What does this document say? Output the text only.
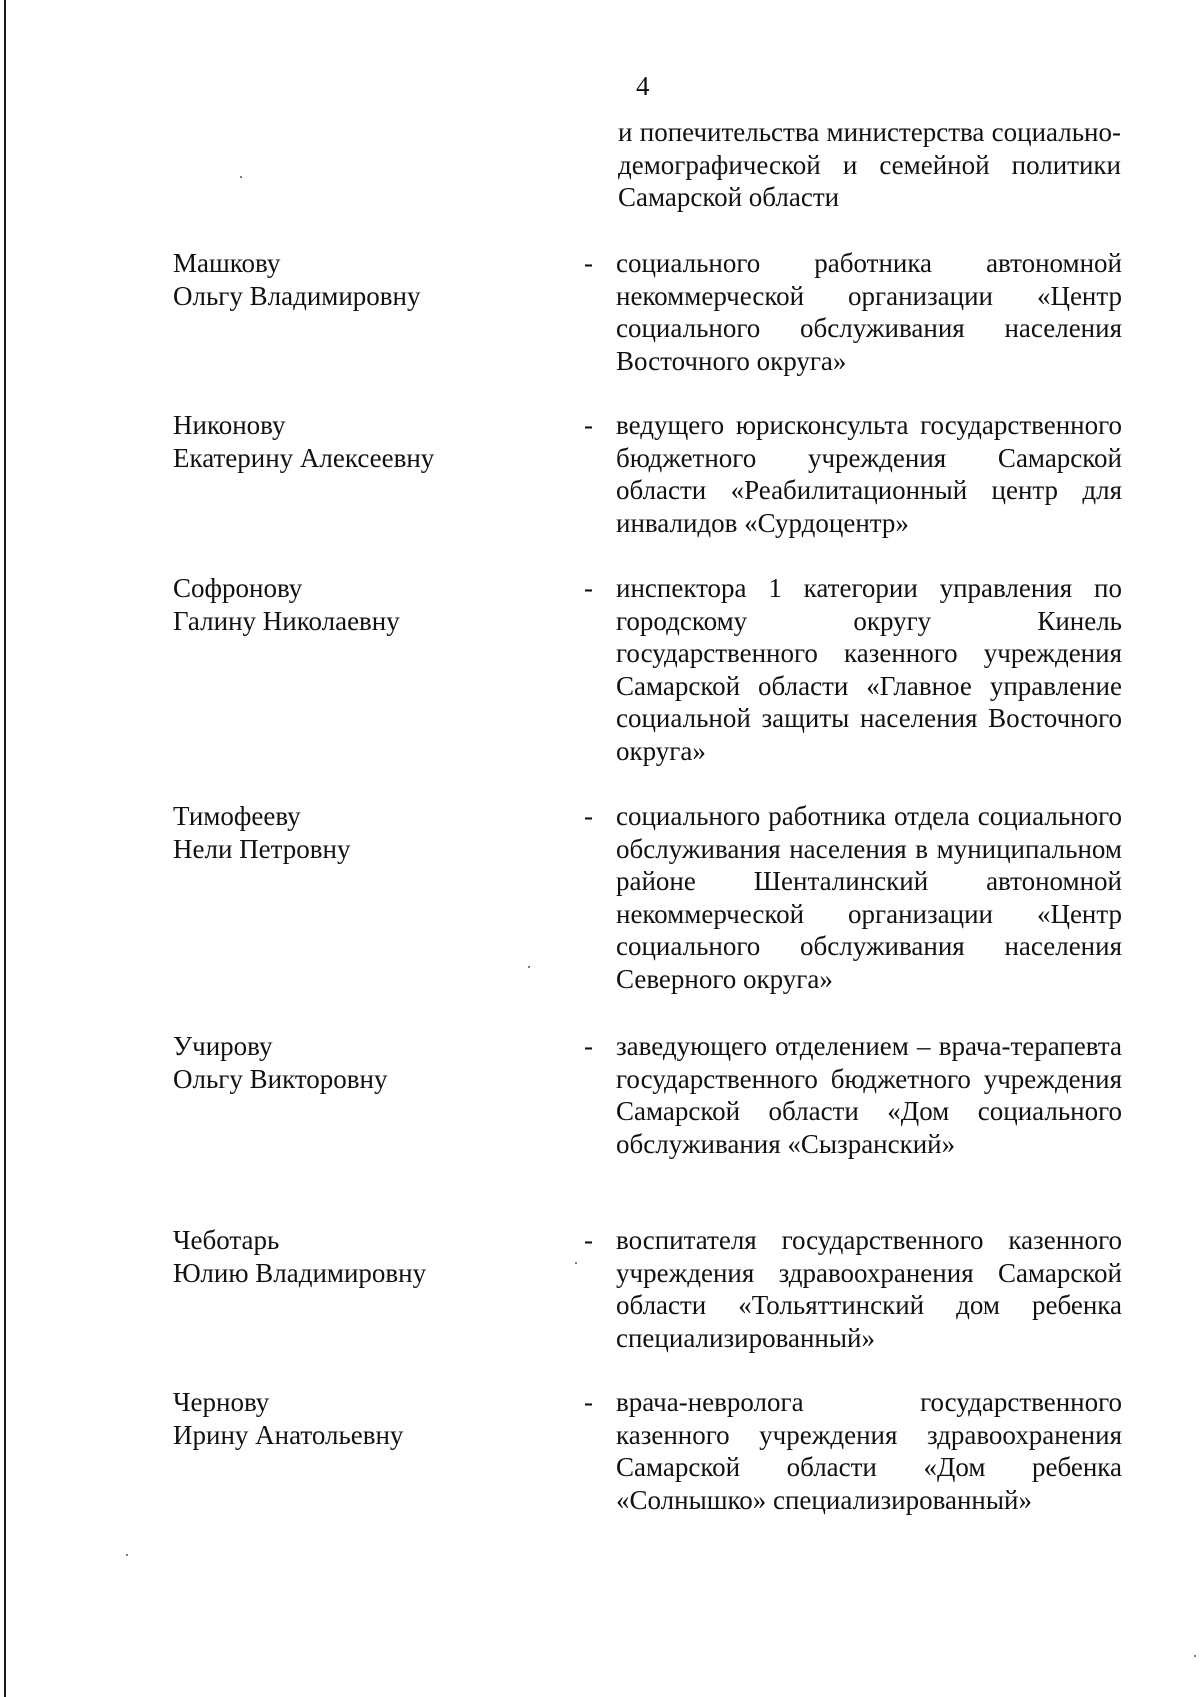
4
и попечительства министерства социально-демографической и семейной политики Самарской области
Машкову
Ольгу Владимировну
- социального работника автономной некоммерческой организации «Центр социального обслуживания населения Восточного округа»
Никонову
Екатерину Алексеевну
- ведущего юрисконсульта государственного бюджетного учреждения Самарской области «Реабилитационный центр для инвалидов «Сурдоцентр»
Софронову
Галину Николаевну
- инспектора 1 категории управления по городскому округу Кинель государственного казенного учреждения Самарской области «Главное управление социальной защиты населения Восточного округа»
Тимофееву
Нели Петровну
- социального работника отдела социального обслуживания населения в муниципальном районе Шенталинский автономной некоммерческой организации «Центр социального обслуживания населения Северного округа»
Учирову
Ольгу Викторовну
- заведующего отделением – врача-терапевта государственного бюджетного учреждения Самарской области «Дом социального обслуживания «Сызранский»
Чеботарь
Юлию Владимировну
- воспитателя государственного казенного учреждения здравоохранения Самарской области «Тольяттинский дом ребенка специализированный»
Чернову
Ирину Анатольевну
- врача-невролога государственного казенного учреждения здравоохранения Самарской области «Дом ребенка «Солнышко» специализированный»
